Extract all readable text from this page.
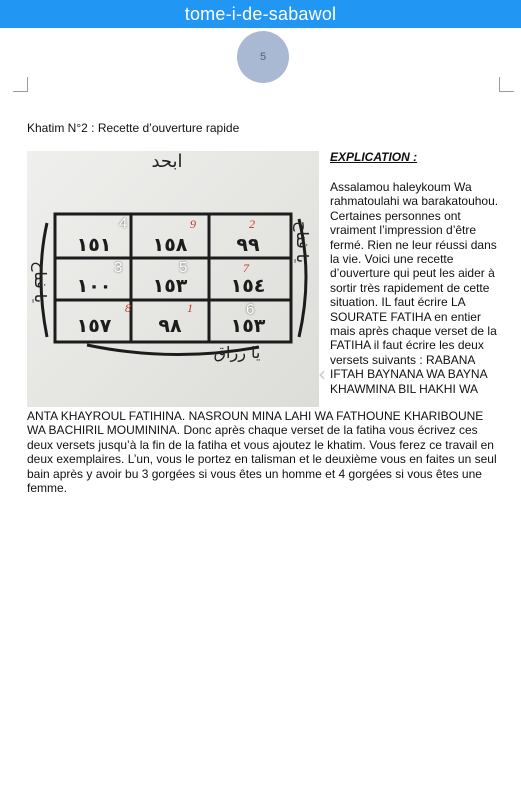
tome-i-de-sabawol
5
Khatim N°2 : Recette d’ouverture rapide
ابحد
يا رزاق
يا فتاح
يا فتاح
١٥١
4
١٥٨
9
٩٩
2
١٠٠
3
١٥٣
5
١٥٤
7
١٥٧
8
٩٨
1
١٥٣
6
‹
EXPLICATION :
Assalamou haleykoum Wa rahmatoulahi wa barakatouhou. Certaines personnes ont vraiment l’impression d’être fermé. Rien ne leur réussi dans la vie. Voici une recette d’ouverture qui peut les aider à sortir très rapidement de cette situation. IL faut écrire LA SOURATE FATIHA en entier mais après chaque verset de la FATIHA il faut écrire les deux versets suivants : RABANA IFTAH BAYNANA WA BAYNA KHAWMINA BIL HAKHI WA
ANTA KHAYROUL FATIHINA. NASROUN MINA LAHI WA FATHOUNE KHARIBOUNE WA BACHIRIL MOUMININA. Donc après chaque verset de la fatiha vous écrivez ces deux versets jusqu’à la fin de la fatiha et vous ajoutez le khatim. Vous ferez ce travail en deux exemplaires. L’un, vous le portez en talisman et le deuxième vous en faites un seul bain après y avoir bu 3 gorgées si vous êtes un homme et 4 gorgées si vous êtes une femme.
